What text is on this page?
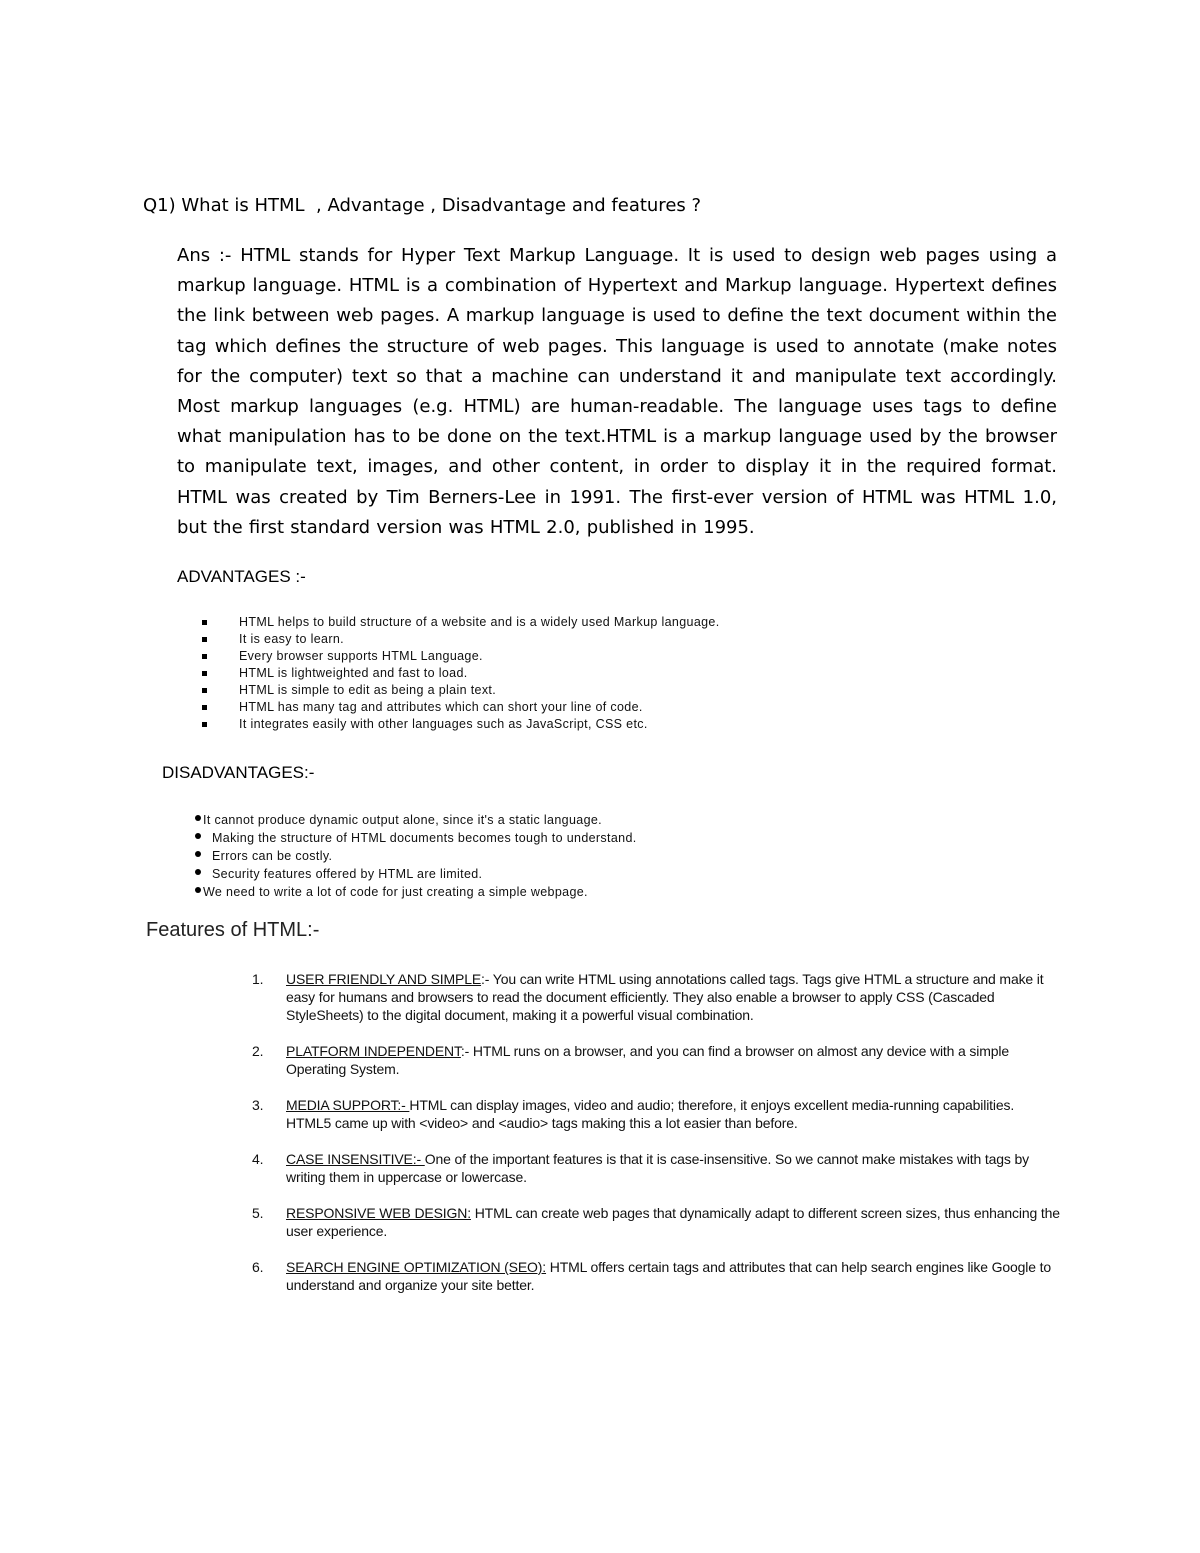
Q1) What is HTML  , Advantage , Disadvantage and features ?
Ans :- HTML stands for Hyper Text Markup Language. It is used to design web pages using a markup language. HTML is a combination of Hypertext and Markup language. Hypertext defines the link between web pages. A markup language is used to define the text document within the tag which defines the structure of web pages. This language is used to annotate (make notes for the computer) text so that a machine can understand it and manipulate text accordingly. Most markup languages (e.g. HTML) are human-readable. The language uses tags to define what manipulation has to be done on the text.HTML is a markup language used by the browser to manipulate text, images, and other content, in order to display it in the required format. HTML was created by Tim Berners-Lee in 1991. The first-ever version of HTML was HTML 1.0, but the first standard version was HTML 2.0, published in 1995.
ADVANTAGES :-
HTML helps to build structure of a website and is a widely used Markup language.
It is easy to learn.
Every browser supports HTML Language.
HTML is lightweighted and fast to load.
HTML is simple to edit as being a plain text.
HTML has many tag and attributes which can short your line of code.
It integrates easily with other languages such as JavaScript, CSS etc.
DISADVANTAGES:-
It cannot produce dynamic output alone, since it's a static language.
Making the structure of HTML documents becomes tough to understand.
Errors can be costly.
Security features offered by HTML are limited.
We need to write a lot of code for just creating a simple webpage.
Features of HTML:-
1. USER FRIENDLY AND SIMPLE:- You can write HTML using annotations called tags. Tags give HTML a structure and make it easy for humans and browsers to read the document efficiently. They also enable a browser to apply CSS (Cascaded StyleSheets) to the digital document, making it a powerful visual combination.
2. PLATFORM INDEPENDENT:- HTML runs on a browser, and you can find a browser on almost any device with a simple Operating System.
3. MEDIA SUPPORT:- HTML can display images, video and audio; therefore, it enjoys excellent media-running capabilities. HTML5 came up with <video> and <audio> tags making this a lot easier than before.
4. CASE INSENSITIVE:- One of the important features is that it is case-insensitive. So we cannot make mistakes with tags by writing them in uppercase or lowercase.
5. RESPONSIVE WEB DESIGN: HTML can create web pages that dynamically adapt to different screen sizes, thus enhancing the user experience.
6. SEARCH ENGINE OPTIMIZATION (SEO): HTML offers certain tags and attributes that can help search engines like Google to understand and organize your site better.
